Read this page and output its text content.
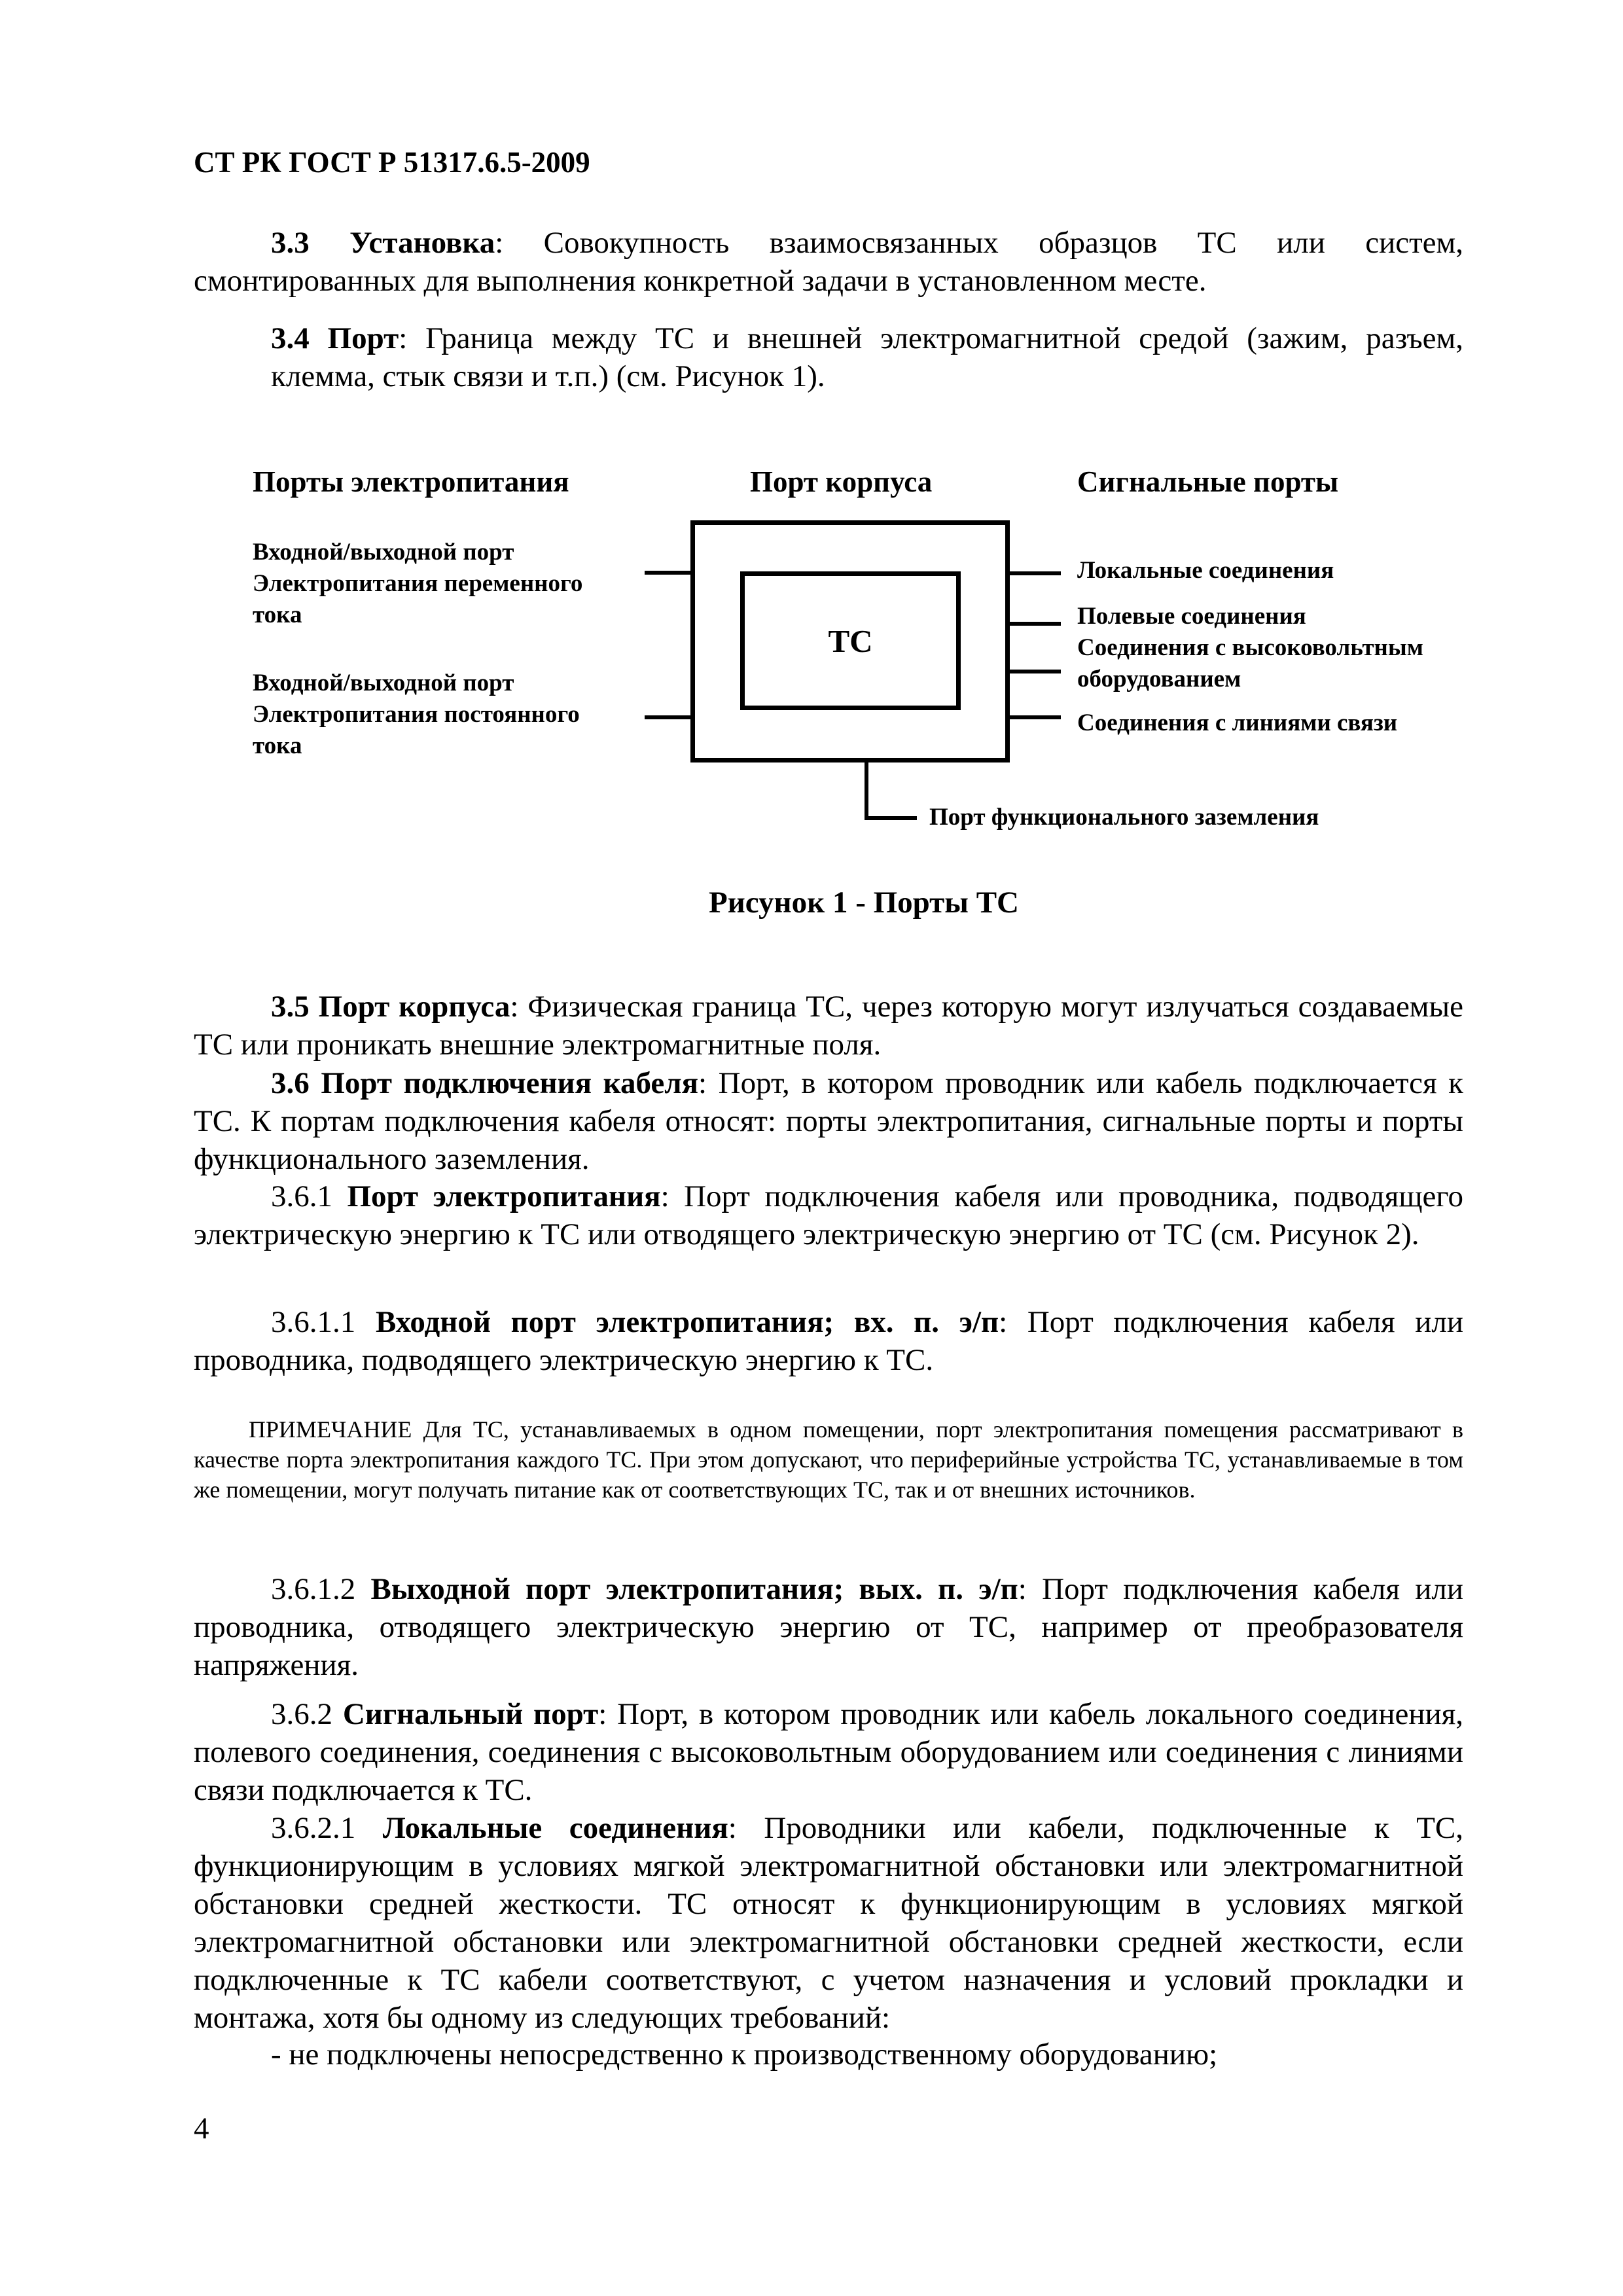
СТ РК ГОСТ Р 51317.6.5-2009

3.3 Установка: Совокупность взаимосвязанных образцов ТС или систем, смонтированных для выполнения конкретной задачи в установленном месте.

3.4 Порт: Граница между ТС и внешней электромагнитной средой (зажим, разъем, клемма, стык связи и т.п.) (см. Рисунок 1).

Порты электропитания	Порт корпуса	Сигнальные порты
Входной/выходной порт
Электропитания переменного
тока
Входной/выходной порт
Электропитания постоянного
тока
ТС
Локальные соединения
Полевые соединения
Соединения с высоковольтным
оборудованием
Соединения с линиями связи
Порт функционального заземления
Рисунок 1 - Порты ТС

3.5 Порт корпуса: Физическая граница ТС, через которую могут излучаться создаваемые ТС или проникать внешние электромагнитные поля.

3.6 Порт подключения кабеля: Порт, в котором проводник или кабель подключается к ТС. К портам подключения кабеля относят: порты электропитания, сигнальные порты и порты функционального заземления.

3.6.1 Порт электропитания: Порт подключения кабеля или проводника, подводящего электрическую энергию к ТС или отводящего электрическую энергию от ТС (см. Рисунок 2).

3.6.1.1 Входной порт электропитания; вх. п. э/п: Порт подключения кабеля или проводника, подводящего электрическую энергию к ТС.

ПРИМЕЧАНИЕ Для ТС, устанавливаемых в одном помещении, порт электропитания помещения рассматривают в качестве порта электропитания каждого ТС. При этом допускают, что периферийные устройства ТС, устанавливаемые в том же помещении, могут получать питание как от соответствующих ТС, так и от внешних источников.

3.6.1.2 Выходной порт электропитания; вых. п. э/п: Порт подключения кабеля или проводника, отводящего электрическую энергию от ТС, например от преобразователя напряжения.

3.6.2 Сигнальный порт: Порт, в котором проводник или кабель локального соединения, полевого соединения, соединения с высоковольтным оборудованием или соединения с линиями связи подключается к ТС.

3.6.2.1 Локальные соединения: Проводники или кабели, подключенные к ТС, функционирующим в условиях мягкой электромагнитной обстановки или электромагнитной обстановки средней жесткости. ТС относят к функционирующим в условиях мягкой электромагнитной обстановки или электромагнитной обстановки средней жесткости, если подключенные к ТС кабели соответствуют, с учетом назначения и условий прокладки и монтажа, хотя бы одному из следующих требований:

- не подключены непосредственно к производственному оборудованию;
4
